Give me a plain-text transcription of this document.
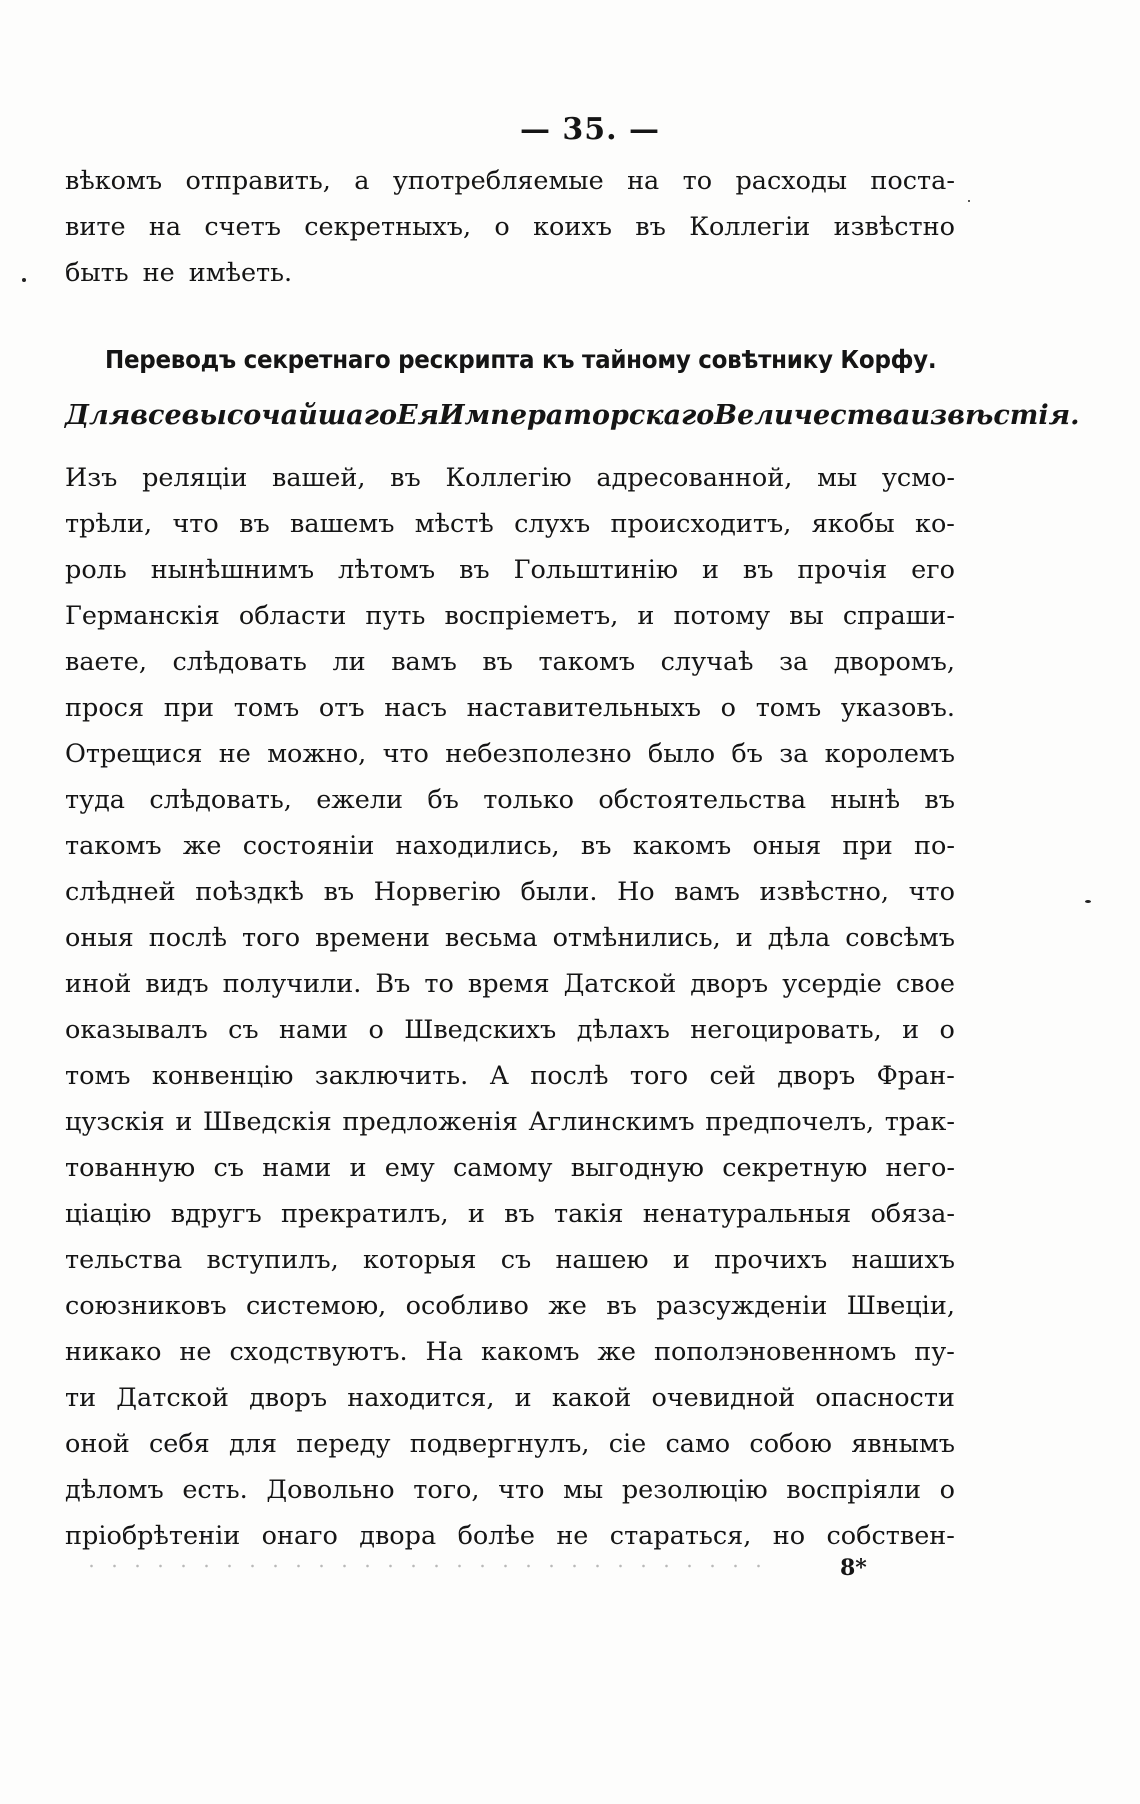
— 35. —
вѣкомъ отправить, а употребляемые на то расходы поста-
вите на счетъ секретныхъ, о коихъ въ Коллегіи извѣстно
быть не имѣеть.
Переводъ секретнаго рескрипта къ тайному совѣтнику Корфу.
Для всевысочайшаго Ея Императорскаго Величества извѣстія.
Изъ реляціи вашей, въ Коллегію адресованной, мы усмо-
трѣли, что въ вашемъ мѣстѣ слухъ происходитъ, якобы ко-
роль нынѣшнимъ лѣтомъ въ Гольштинію и въ прочія его
Германскія области путь воспріеметъ, и потому вы спраши-
ваете, слѣдовать ли вамъ въ такомъ случаѣ за дворомъ,
прося при томъ отъ насъ наставительныхъ о томъ указовъ.
Отрещися не можно, что небезполезно было бъ за королемъ
туда слѣдовать, ежели бъ только обстоятельства нынѣ въ
такомъ же состояніи находились, въ какомъ оныя при по-
слѣдней поѣздкѣ въ Норвегію были. Но вамъ извѣстно, что
оныя послѣ того времени весьма отмѣнились, и дѣла совсѣмъ
иной видъ получили. Въ то время Датской дворъ усердіе свое
оказывалъ съ нами о Шведскихъ дѣлахъ негоцировать, и о
томъ конвенцію заключить. А послѣ того сей дворъ Фран-
цузскія и Шведскія предложенія Аглинскимъ предпочелъ, трак-
тованную съ нами и ему самому выгодную секретную него-
ціацію вдругъ прекратилъ, и въ такія ненатуральныя обяза-
тельства вступилъ, которыя съ нашею и прочихъ нашихъ
союзниковъ системою, особливо же въ разсужденіи Швеціи,
никако не сходствуютъ. На какомъ же пополэновенномъ пу-
ти Датской дворъ находится, и какой очевидной опасности
оной себя для переду подвергнулъ, сіе само собою явнымъ
дѣломъ есть. Довольно того, что мы резолюцію воспріяли о
пріобрѣтеніи онаго двора болѣе не стараться, но собствен-
8*
